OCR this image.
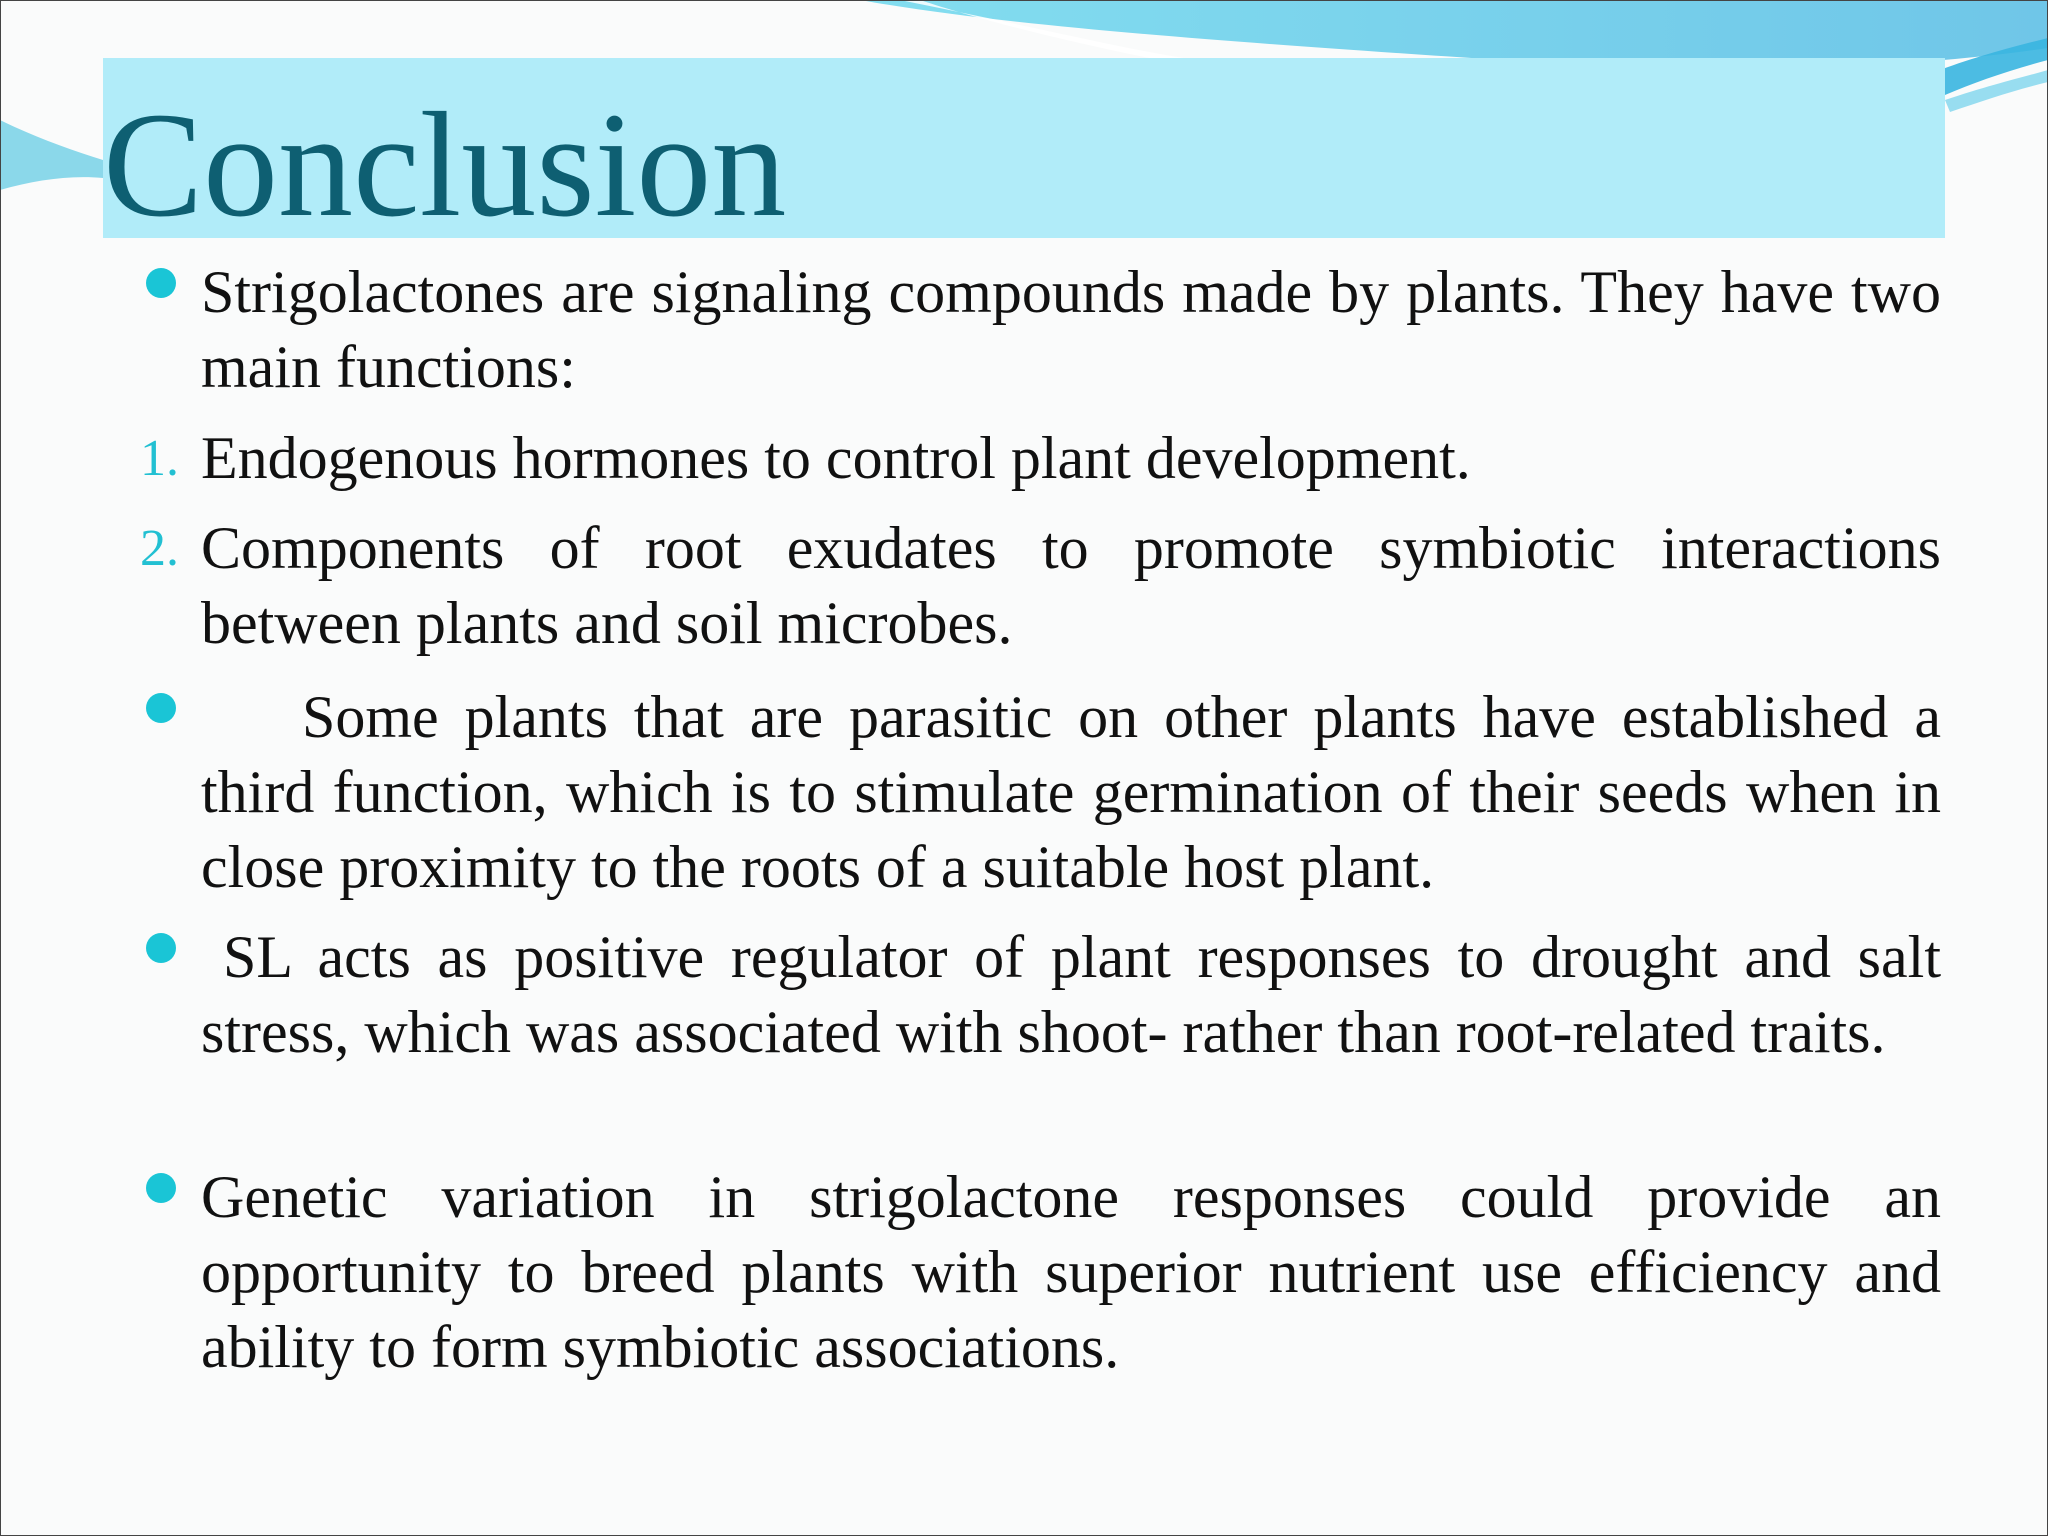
Conclusion
Strigolactones are signaling compounds made by plants. They have two main functions:
1. Endogenous hormones to control plant development.
2. Components of root exudates to promote symbiotic interactions between plants and soil microbes.
Some plants that are parasitic on other plants have established a third function, which is to stimulate germination of their seeds when in close proximity to the roots of a suitable host plant.
SL acts as positive regulator of plant responses to drought and salt stress, which was associated with shoot- rather than root-related traits.
Genetic variation in strigolactone responses could provide an opportunity to breed plants with superior nutrient use efficiency and ability to form symbiotic associations.
